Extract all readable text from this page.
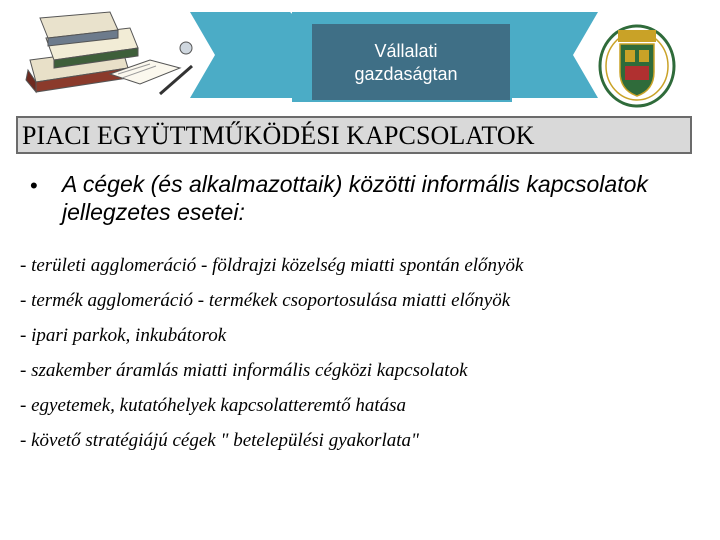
Vállalati
gazdaságtan
PIACI EGYÜTTMŰKÖDÉSI KAPCSOLATOK
• A cégek (és alkalmazottaik) közötti informális kapcsolatok jellegzetes esetei:
- területi agglomeráció - földrajzi közelség miatti spontán előnyök
- termék agglomeráció - termékek csoportosulása miatti előnyök
- ipari parkok, inkubátorok
- szakember áramlás miatti informális cégközi kapcsolatok
- egyetemek, kutatóhelyek kapcsolatteremtő hatása
- követő stratégiájú cégek " betelepülési gyakorlata"
